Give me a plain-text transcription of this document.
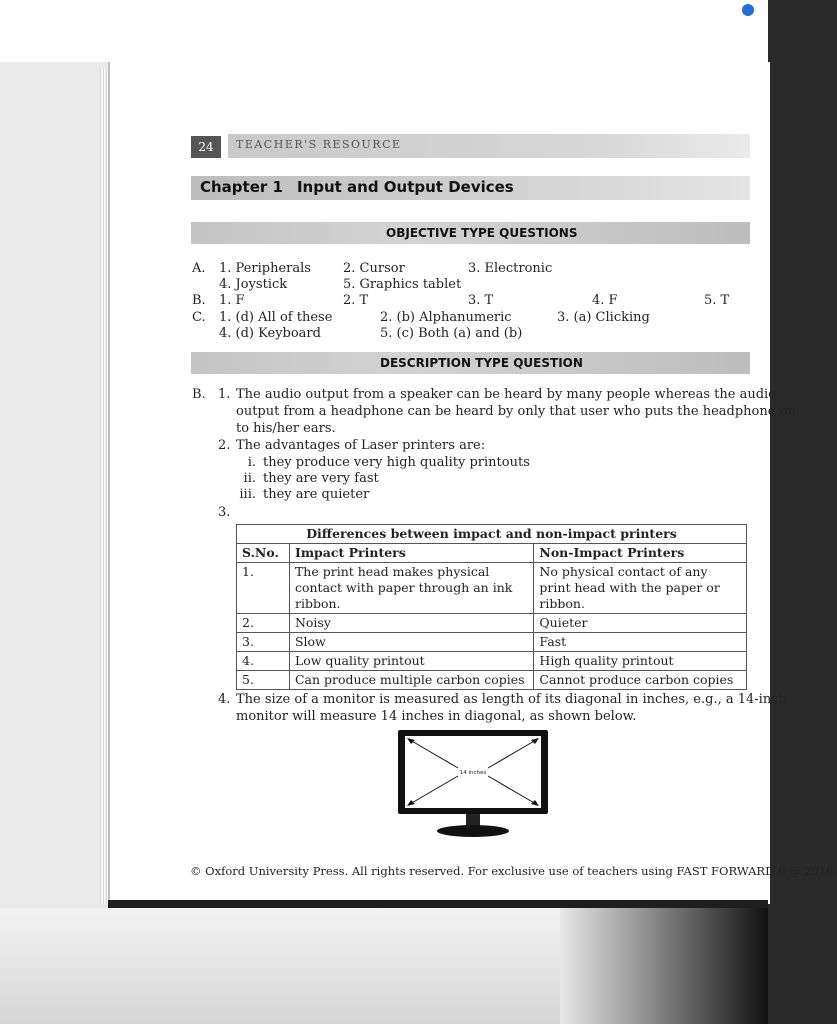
24	TEACHER'S RESOURCE
Chapter 1 Input and Output Devices
OBJECTIVE TYPE QUESTIONS
A. 1. Peripherals 2. Cursor	3. Electronic
4. Joystick	5. Graphics tablet
B. 1. F	2. T	3. T	4. F	5. T
C. 1. (d) All of these	2. (b) Alphanumeric	3. (a) Clicking
4. (d) Keyboard	5. (c) Both (a) and (b)
DESCRIPTION TYPE QUESTION
B. 1. The audio output from a speaker can be heard by many people whereas the audio
output from a headphone can be heard by only that user who puts the headphone on
to his/her ears.
2. The advantages of Laser printers are:
i. they produce very high quality printouts
ii. they are very fast
iii. they are quieter
3.
Differences between impact and non-impact printers		
S.No.	Impact Printers	Non-Impact Printers
1.	The print head makes physical contact with paper through an ink ribbon.	No physical contact of any print head with the paper or ribbon.
2.	Noisy	Quieter
3.	Slow	Fast
4.	Low quality printout	High quality printout
5.	Can produce multiple carbon copies	Cannot produce carbon copies
4. The size of a monitor is measured as length of its diagonal in inches, e.g., a 14-inch
monitor will measure 14 inches in diagonal, as shown below.
14 inches
© Oxford University Press. All rights reserved. For exclusive use of teachers using FAST FORWARD 6 @ 2016.
